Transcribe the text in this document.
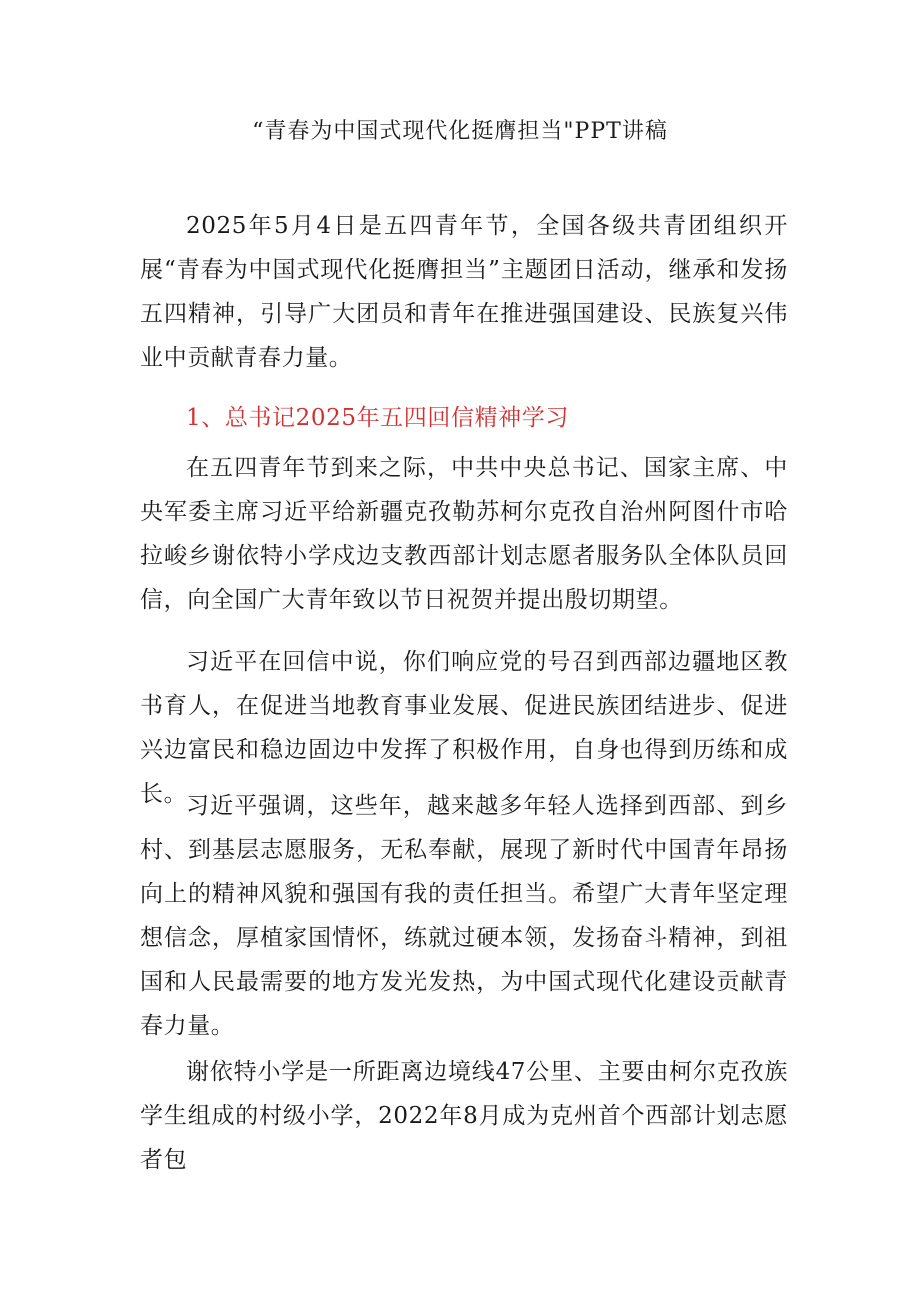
“青春为中国式现代化挺膺担当"PPT讲稿

2025年5月4日是五四青年节，全国各级共青团组织开展“青春为中国式现代化挺膺担当”主题团日活动，继承和发扬五四精神，引导广大团员和青年在推进强国建设、民族复兴伟业中贡献青春力量。

1、总书记2025年五四回信精神学习

在五四青年节到来之际，中共中央总书记、国家主席、中央军委主席习近平给新疆克孜勒苏柯尔克孜自治州阿图什市哈拉峻乡谢依特小学戍边支教西部计划志愿者服务队全体队员回信，向全国广大青年致以节日祝贺并提出殷切期望。

习近平在回信中说，你们响应党的号召到西部边疆地区教书育人，在促进当地教育事业发展、促进民族团结进步、促进兴边富民和稳边固边中发挥了积极作用，自身也得到历练和成长。

习近平强调，这些年，越来越多年轻人选择到西部、到乡村、到基层志愿服务，无私奉献，展现了新时代中国青年昂扬向上的精神风貌和强国有我的责任担当。希望广大青年坚定理想信念，厚植家国情怀，练就过硬本领，发扬奋斗精神，到祖国和人民最需要的地方发光发热，为中国式现代化建设贡献青春力量。

谢依特小学是一所距离边境线47公里、主要由柯尔克孜族学生组成的村级小学，2022年8月成为克州首个西部计划志愿者包
